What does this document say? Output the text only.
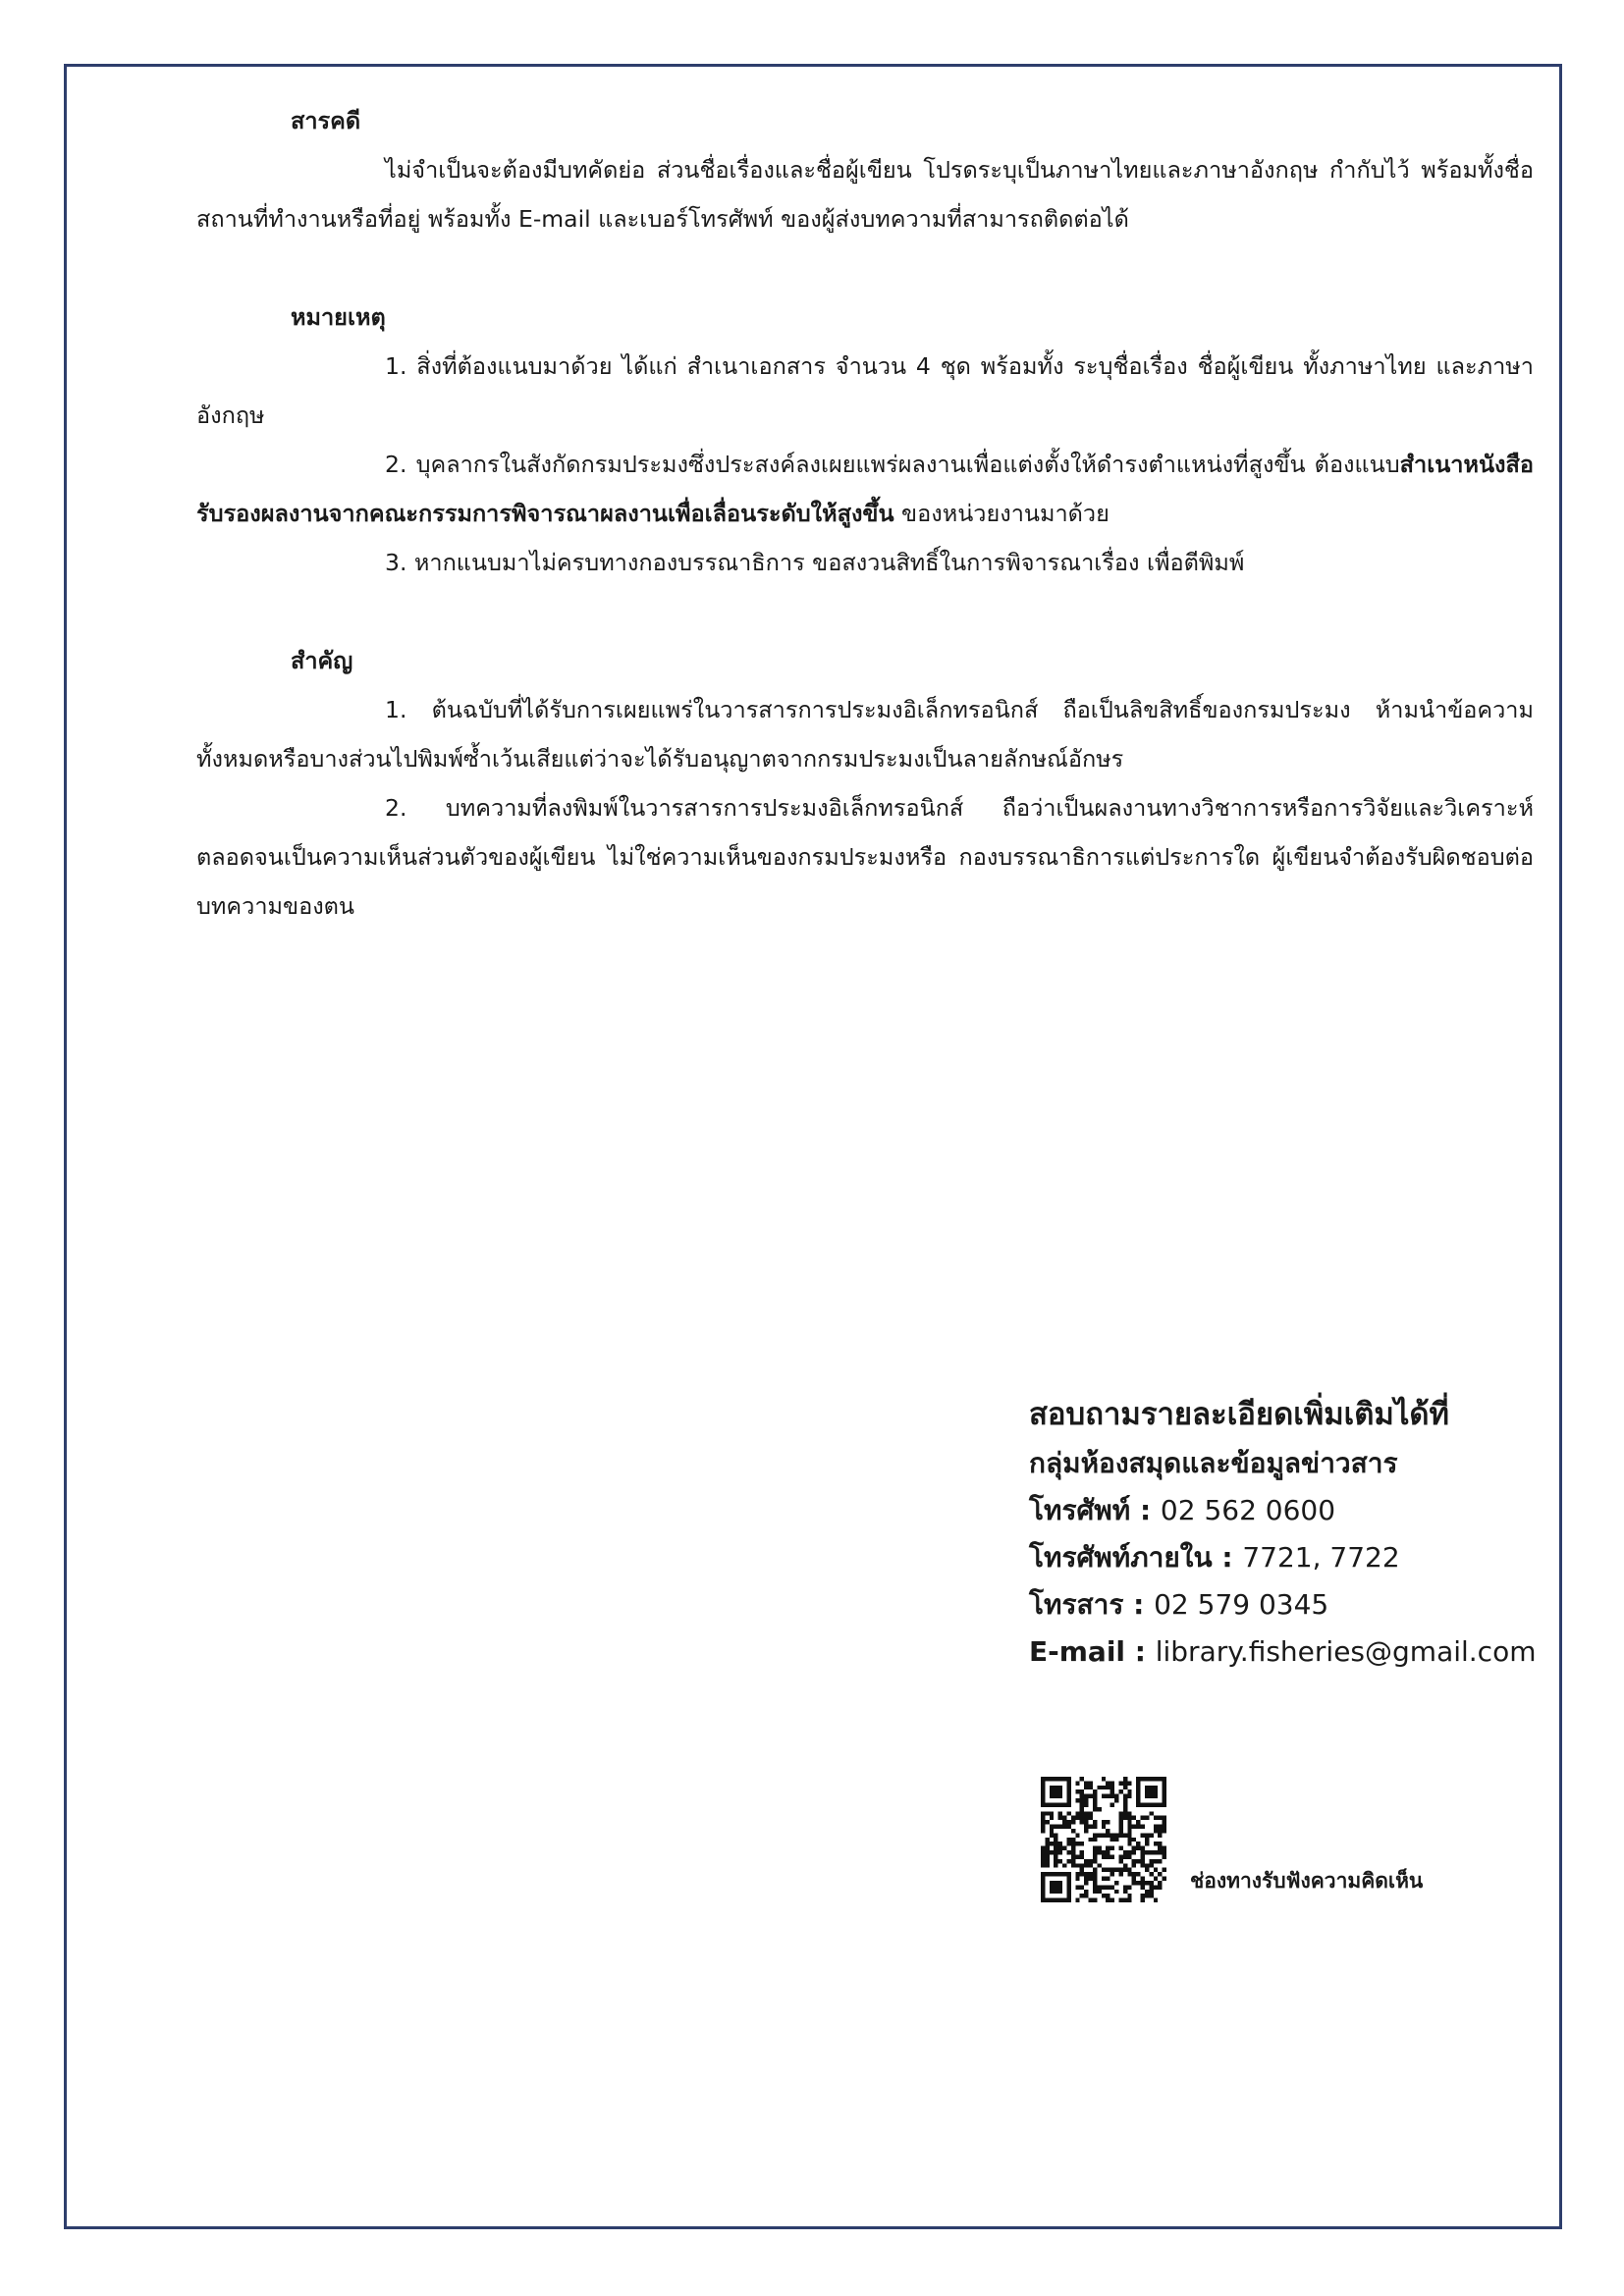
สารคดี

ไม่จำเป็นจะต้องมีบทคัดย่อ ส่วนชื่อเรื่องและชื่อผู้เขียน โปรดระบุเป็นภาษาไทยและภาษาอังกฤษ กำกับไว้ พร้อมทั้งชื่อสถานที่ทำงานหรือที่อยู่ พร้อมทั้ง E-mail และเบอร์โทรศัพท์ ของผู้ส่งบทความที่สามารถติดต่อได้

หมายเหตุ

1. สิ่งที่ต้องแนบมาด้วย ได้แก่ สำเนาเอกสาร จำนวน 4 ชุด พร้อมทั้ง ระบุชื่อเรื่อง ชื่อผู้เขียน ทั้งภาษาไทย และภาษาอังกฤษ

2. บุคลากรในสังกัดกรมประมงซึ่งประสงค์ลงเผยแพร่ผลงานเพื่อแต่งตั้งให้ดำรงตำแหน่งที่สูงขึ้น ต้องแนบสำเนาหนังสือรับรองผลงานจากคณะกรรมการพิจารณาผลงานเพื่อเลื่อนระดับให้สูงขึ้น ของหน่วยงานมาด้วย

3. หากแนบมาไม่ครบทางกองบรรณาธิการ ขอสงวนสิทธิ์ในการพิจารณาเรื่อง เพื่อตีพิมพ์

สำคัญ

1. ต้นฉบับที่ได้รับการเผยแพร่ในวารสารการประมงอิเล็กทรอนิกส์ ถือเป็นลิขสิทธิ์ของกรมประมง ห้ามนำข้อความทั้งหมดหรือบางส่วนไปพิมพ์ซ้ำเว้นเสียแต่ว่าจะได้รับอนุญาตจากกรมประมงเป็นลายลักษณ์อักษร

2. บทความที่ลงพิมพ์ในวารสารการประมงอิเล็กทรอนิกส์ ถือว่าเป็นผลงานทางวิชาการหรือการวิจัยและวิเคราะห์ ตลอดจนเป็นความเห็นส่วนตัวของผู้เขียน ไม่ใช่ความเห็นของกรมประมงหรือ กองบรรณาธิการแต่ประการใด ผู้เขียนจำต้องรับผิดชอบต่อบทความของตน

สอบถามรายละเอียดเพิ่มเติมได้ที่
กลุ่มห้องสมุดและข้อมูลข่าวสาร
โทรศัพท์ : 02 562 0600
โทรศัพท์ภายใน : 7721, 7722
โทรสาร : 02 579 0345
E-mail : library.fisheries@gmail.com
ช่องทางรับฟังความคิดเห็น
